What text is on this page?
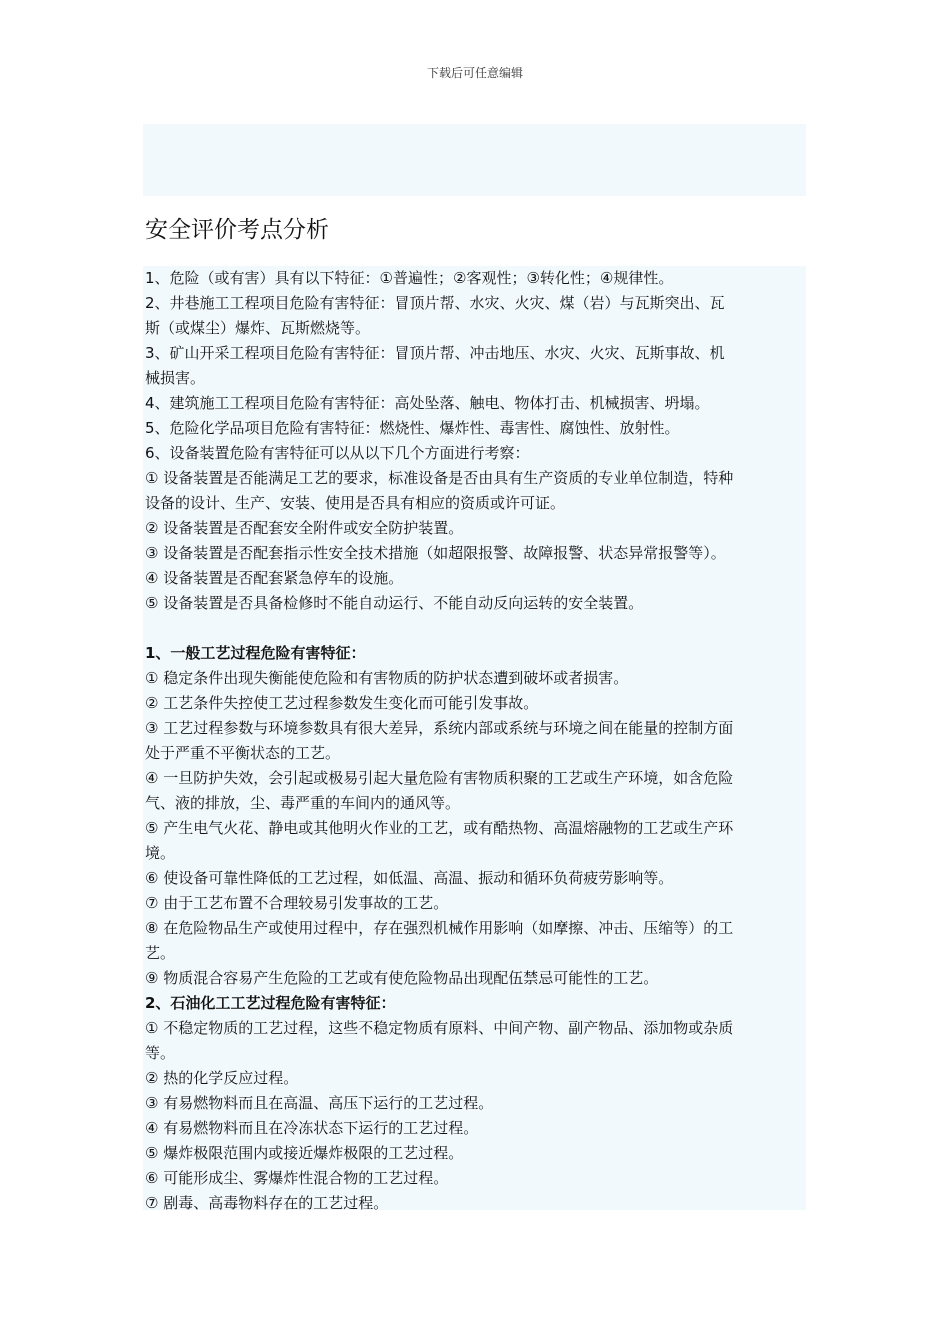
下载后可任意编辑
安全评价考点分析

1、危险（或有害）具有以下特征：①普遍性；②客观性；③转化性；④规律性。

2、井巷施工工程项目危险有害特征：冒顶片帮、水灾、火灾、煤（岩）与瓦斯突出、瓦

斯（或煤尘）爆炸、瓦斯燃烧等。

3、矿山开采工程项目危险有害特征：冒顶片帮、冲击地压、水灾、火灾、瓦斯事故、机

械损害。

4、建筑施工工程项目危险有害特征：高处坠落、触电、物体打击、机械损害、坍塌。

5、危险化学品项目危险有害特征：燃烧性、爆炸性、毒害性、腐蚀性、放射性。

6、设备装置危险有害特征可以从以下几个方面进行考察：

① 设备装置是否能满足工艺的要求，标准设备是否由具有生产资质的专业单位制造，特种

设备的设计、生产、安装、使用是否具有相应的资质或许可证。

② 设备装置是否配套安全附件或安全防护装置。

③ 设备装置是否配套指示性安全技术措施（如超限报警、故障报警、状态异常报警等）。

④ 设备装置是否配套紧急停车的设施。

⑤ 设备装置是否具备检修时不能自动运行、不能自动反向运转的安全装置。

1、一般工艺过程危险有害特征：

① 稳定条件出现失衡能使危险和有害物质的防护状态遭到破坏或者损害。

② 工艺条件失控使工艺过程参数发生变化而可能引发事故。

③ 工艺过程参数与环境参数具有很大差异，系统内部或系统与环境之间在能量的控制方面

处于严重不平衡状态的工艺。

④ 一旦防护失效，会引起或极易引起大量危险有害物质积聚的工艺或生产环境，如含危险

气、液的排放，尘、毒严重的车间内的通风等。

⑤ 产生电气火花、静电或其他明火作业的工艺，或有酷热物、高温熔融物的工艺或生产环

境。

⑥ 使设备可靠性降低的工艺过程，如低温、高温、振动和循环负荷疲劳影响等。

⑦ 由于工艺布置不合理较易引发事故的工艺。

⑧ 在危险物品生产或使用过程中，存在强烈机械作用影响（如摩擦、冲击、压缩等）的工

艺。

⑨ 物质混合容易产生危险的工艺或有使危险物品出现配伍禁忌可能性的工艺。

2、石油化工工艺过程危险有害特征：

① 不稳定物质的工艺过程，这些不稳定物质有原料、中间产物、副产物品、添加物或杂质

等。

② 热的化学反应过程。

③ 有易燃物料而且在高温、高压下运行的工艺过程。

④ 有易燃物料而且在冷冻状态下运行的工艺过程。

⑤ 爆炸极限范围内或接近爆炸极限的工艺过程。

⑥ 可能形成尘、雾爆炸性混合物的工艺过程。

⑦ 剧毒、高毒物料存在的工艺过程。
